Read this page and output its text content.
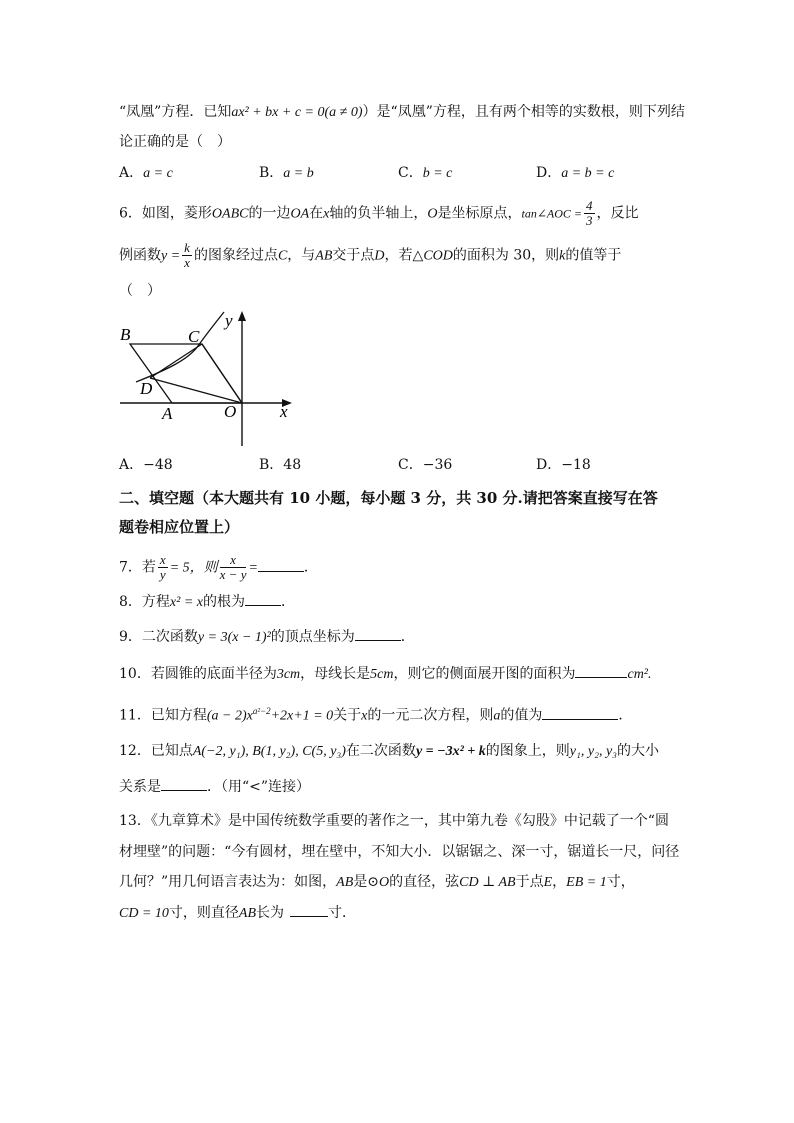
“凤凰”方程．已知ax² + bx + c = 0(a ≠ 0)）是“凤凰”方程，且有两个相等的实数根，则下列结
论正确的是（　）
A．a = c	B．a = b	C．b = c	D．a = b = c
6．如图，菱形OABC的一边OA在x轴的负半轴上，O是坐标原点，tan∠AOC = $\frac{4}{3}$ ，反比
例函数$y = \frac{k}{x}$ 的图象经过点C，与AB交于点D，若△COD的面积为 30，则k的值等于
（　）
B	C
D
A	O	x
y
A．−48	B．48	C．−36	D．−18
二、填空题（本大题共有 10 小题，每小题 3 分，共 30 分.请把答案直接写在答
题卷相应位置上）
7．若 $\frac{x}{y} = 5$，则 $\frac{x}{x - y}$ =	．
8．方程x² = x的根为	．
9．二次函数y = 3(x − 1)²的顶点坐标为	．
10．若圆锥的底面半径为3cm，母线长是5cm，则它的侧面展开图的面积为	cm².
11．已知方程$(a - 2)x^{a^2-2}+2x+1 = 0$关于x的一元二次方程，则a的值为	．
12．已知点A(−2, y₁), B(1, y₂), C(5, y₃)在二次函数y = −3x² + k的图象上，则y₁, y₂, y₃的大小
关系是	．（用“<”连接）
13．《九章算术》是中国传统数学重要的著作之一，其中第九卷《勾股》中记载了一个“圆
材埋壁”的问题：“今有圆材，埋在壁中，不知大小．以锯锯之、深一寸，锯道长一尺，问径
几何？”用几何语言表达为：如图，AB是⊙O的直径，弦CD ⊥ AB于点E，EB = 1寸，
CD = 10寸，则直径AB长为	寸．
